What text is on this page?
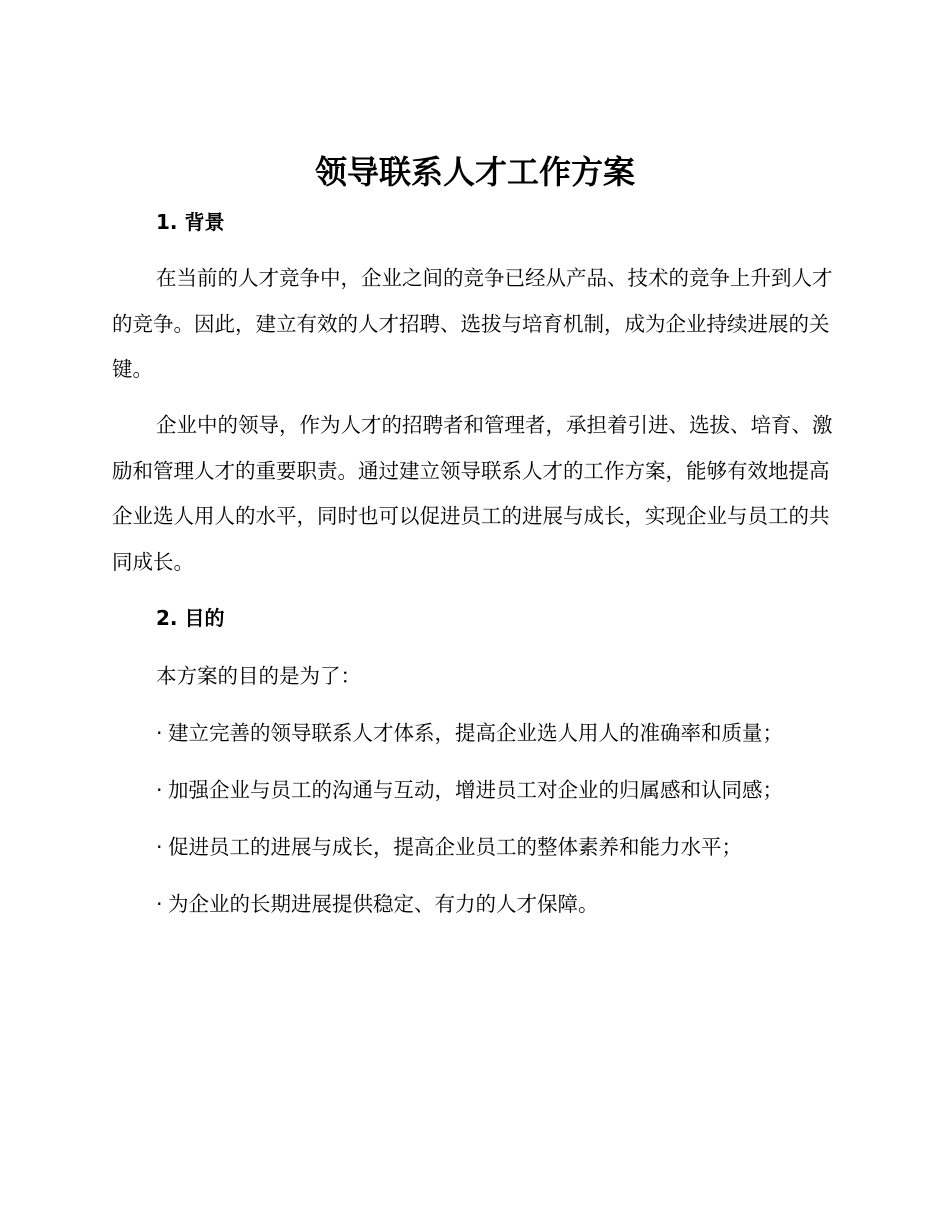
领导联系人才工作方案
1. 背景

在当前的人才竞争中，企业之间的竞争已经从产品、技术的竞争上升到人才的竞争。因此，建立有效的人才招聘、选拔与培育机制，成为企业持续进展的关键。

企业中的领导，作为人才的招聘者和管理者，承担着引进、选拔、培育、激励和管理人才的重要职责。通过建立领导联系人才的工作方案，能够有效地提高企业选人用人的水平，同时也可以促进员工的进展与成长，实现企业与员工的共同成长。

2. 目的

本方案的目的是为了：

· 建立完善的领导联系人才体系，提高企业选人用人的准确率和质量；

· 加强企业与员工的沟通与互动，增进员工对企业的归属感和认同感；

· 促进员工的进展与成长，提高企业员工的整体素养和能力水平；

· 为企业的长期进展提供稳定、有力的人才保障。
